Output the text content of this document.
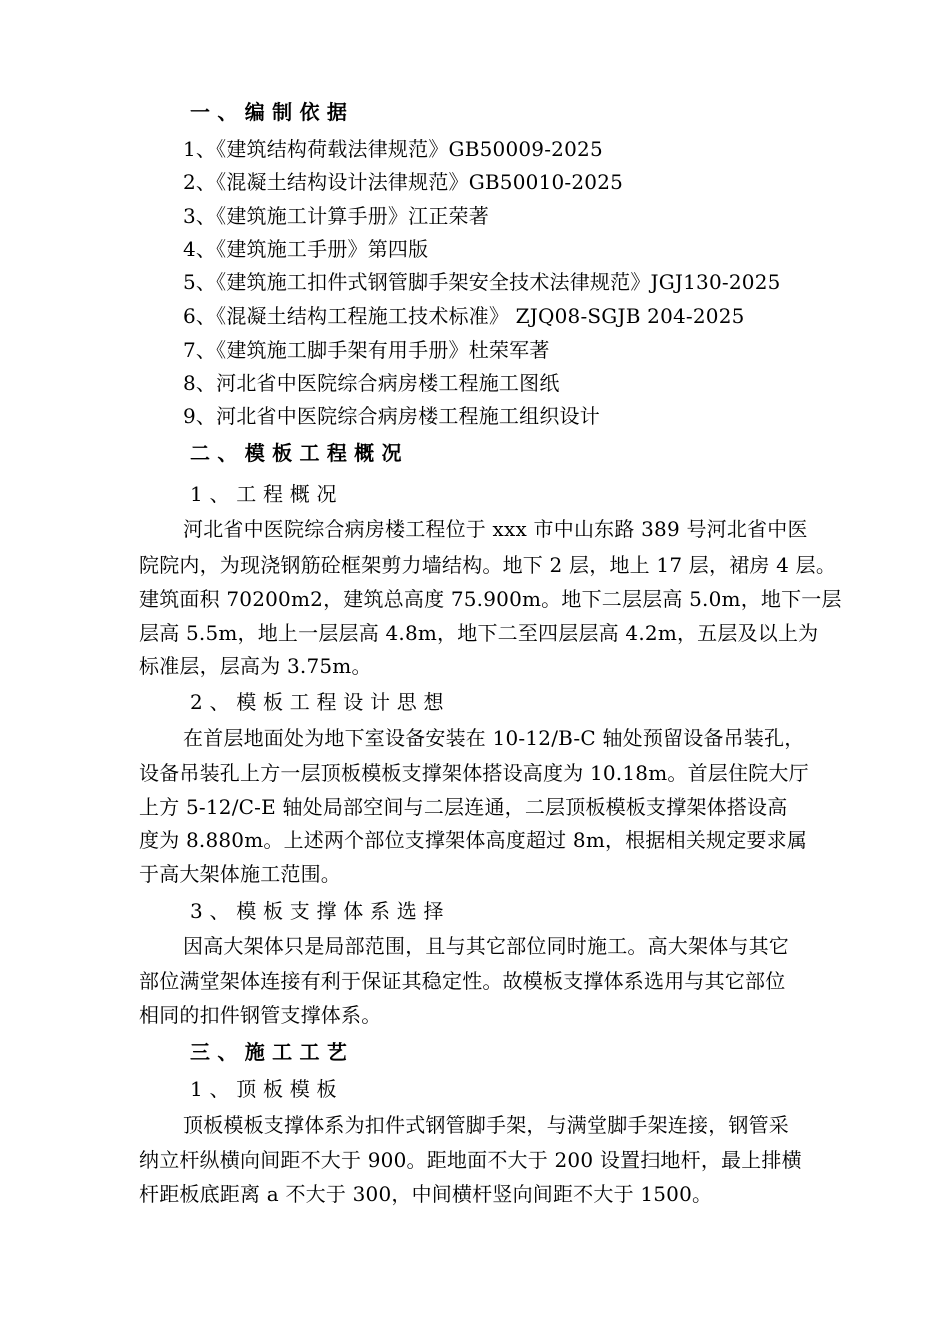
一 、 编 制 依 据
1、《建筑结构荷载法律规范》GB50009-2025
2、《混凝土结构设计法律规范》GB50010-2025
3、《建筑施工计算手册》江正荣著
4、《建筑施工手册》第四版
5、《建筑施工扣件式钢管脚手架安全技术法律规范》JGJ130-2025
6、《混凝土结构工程施工技术标准》 ZJQ08-SGJB 204-2025
7、《建筑施工脚手架有用手册》杜荣军著
8、河北省中医院综合病房楼工程施工图纸
9、河北省中医院综合病房楼工程施工组织设计
二 、 模 板 工 程 概 况
1 、 工 程 概 况
河北省中医院综合病房楼工程位于 xxx 市中山东路 389 号河北省中医
院院内，为现浇钢筋砼框架剪力墙结构。地下 2 层，地上 17 层，裙房 4 层。
建筑面积 70200m2，建筑总高度 75.900m。地下二层层高 5.0m，地下一层
层高 5.5m，地上一层层高 4.8m，地下二至四层层高 4.2m，五层及以上为
标准层，层高为 3.75m。
2 、 模 板 工 程 设 计 思 想
在首层地面处为地下室设备安装在 10-12/B-C 轴处预留设备吊装孔，
设备吊装孔上方一层顶板模板支撑架体搭设高度为 10.18m。首层住院大厅
上方 5-12/C-E 轴处局部空间与二层连通，二层顶板模板支撑架体搭设高
度为 8.880m。上述两个部位支撑架体高度超过 8m，根据相关规定要求属
于高大架体施工范围。
3 、 模 板 支 撑 体 系 选 择
因高大架体只是局部范围，且与其它部位同时施工。高大架体与其它
部位满堂架体连接有利于保证其稳定性。故模板支撑体系选用与其它部位
相同的扣件钢管支撑体系。
三 、 施 工 工 艺
1 、 顶 板 模 板
顶板模板支撑体系为扣件式钢管脚手架，与满堂脚手架连接，钢管采
纳立杆纵横向间距不大于 900。距地面不大于 200 设置扫地杆，最上排横
杆距板底距离 a 不大于 300，中间横杆竖向间距不大于 1500。
